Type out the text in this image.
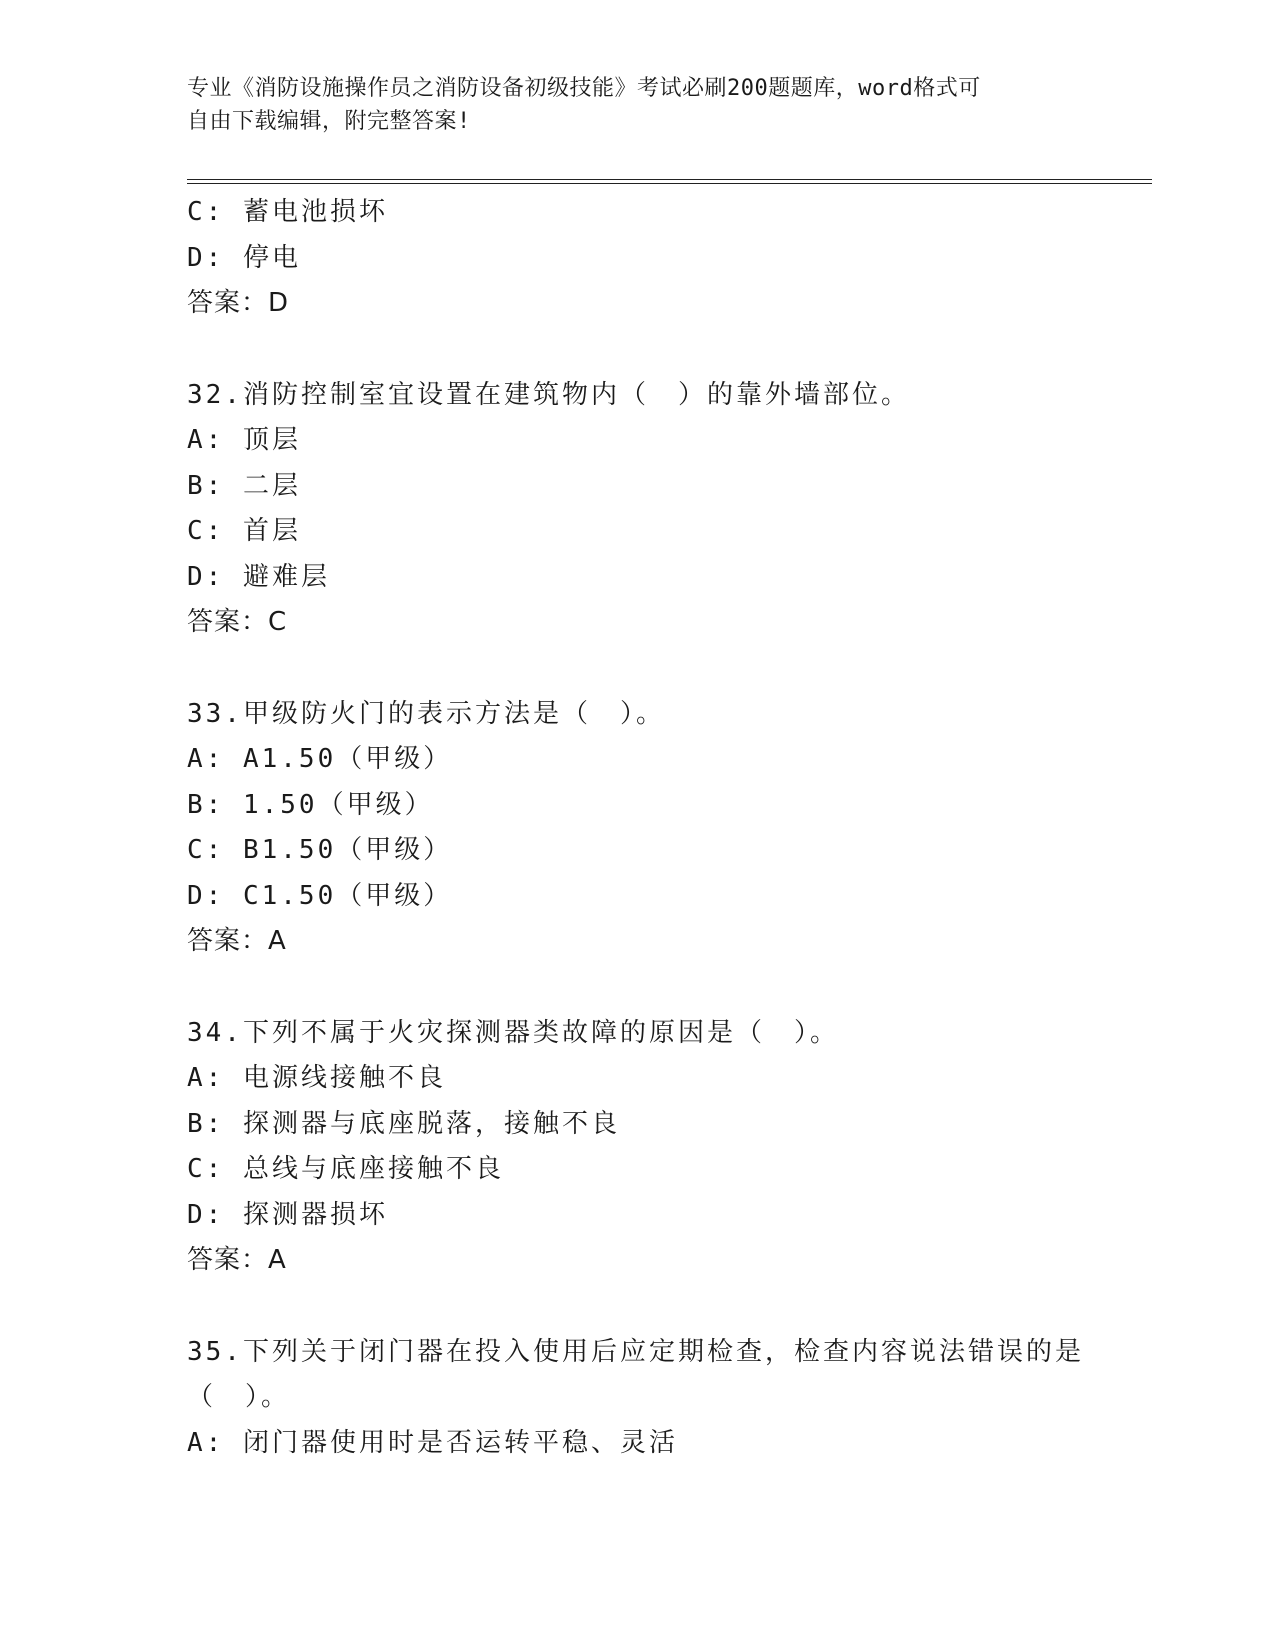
专业《消防设施操作员之消防设备初级技能》考试必刷200题题库，word格式可
自由下载编辑，附完整答案!
C: 蓄电池损坏
D: 停电
答案：D
32.消防控制室宜设置在建筑物内（　）的靠外墙部位。
A: 顶层
B: 二层
C: 首层
D: 避难层
答案：C
33.甲级防火门的表示方法是（　）。
A: A1.50（甲级）
B: 1.50（甲级）
C: B1.50（甲级）
D: C1.50（甲级）
答案：A
34.下列不属于火灾探测器类故障的原因是（　）。
A: 电源线接触不良
B: 探测器与底座脱落，接触不良
C: 总线与底座接触不良
D: 探测器损坏
答案：A
35.下列关于闭门器在投入使用后应定期检查，检查内容说法错误的是
（　）。
A: 闭门器使用时是否运转平稳、灵活
